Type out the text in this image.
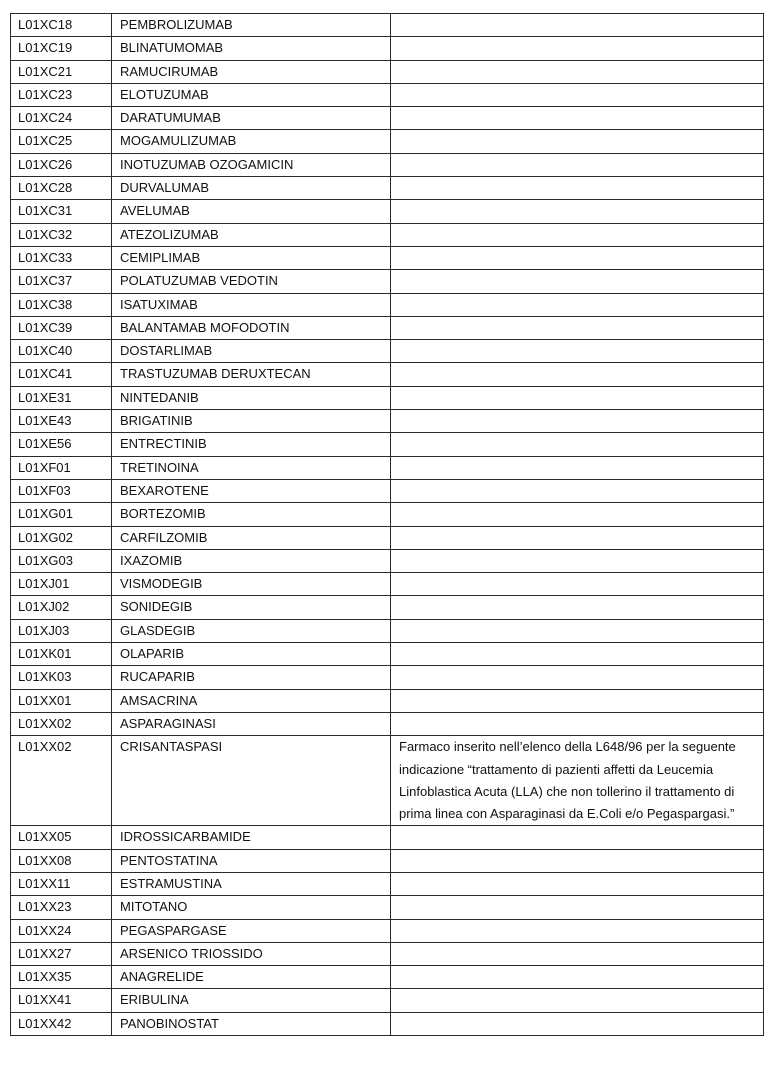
L01XC18	PEMBROLIZUMAB	
L01XC19	BLINATUMOMAB	
L01XC21	RAMUCIRUMAB	
L01XC23	ELOTUZUMAB	
L01XC24	DARATUMUMAB	
L01XC25	MOGAMULIZUMAB	
L01XC26	INOTUZUMAB OZOGAMICIN	
L01XC28	DURVALUMAB	
L01XC31	AVELUMAB	
L01XC32	ATEZOLIZUMAB	
L01XC33	CEMIPLIMAB	
L01XC37	POLATUZUMAB VEDOTIN	
L01XC38	ISATUXIMAB	
L01XC39	BALANTAMAB MOFODOTIN	
L01XC40	DOSTARLIMAB	
L01XC41	TRASTUZUMAB DERUXTECAN	
L01XE31	NINTEDANIB	
L01XE43	BRIGATINIB	
L01XE56	ENTRECTINIB	
L01XF01	TRETINOINA	
L01XF03	BEXAROTENE	
L01XG01	BORTEZOMIB	
L01XG02	CARFILZOMIB	
L01XG03	IXAZOMIB	
L01XJ01	VISMODEGIB	
L01XJ02	SONIDEGIB	
L01XJ03	GLASDEGIB	
L01XK01	OLAPARIB	
L01XK03	RUCAPARIB	
L01XX01	AMSACRINA	
L01XX02	ASPARAGINASI	
L01XX02	CRISANTASPASI	Farmaco inserito nell’elenco della L648/96 per la seguente indicazione “trattamento di pazienti affetti da Leucemia Linfoblastica Acuta (LLA) che non tollerino il trattamento di prima linea con Asparaginasi da E.Coli e/o Pegaspargasi.”
L01XX05	IDROSSICARBAMIDE	
L01XX08	PENTOSTATINA	
L01XX11	ESTRAMUSTINA	
L01XX23	MITOTANO	
L01XX24	PEGASPARGASE	
L01XX27	ARSENICO TRIOSSIDO	
L01XX35	ANAGRELIDE	
L01XX41	ERIBULINA	
L01XX42	PANOBINOSTAT	
